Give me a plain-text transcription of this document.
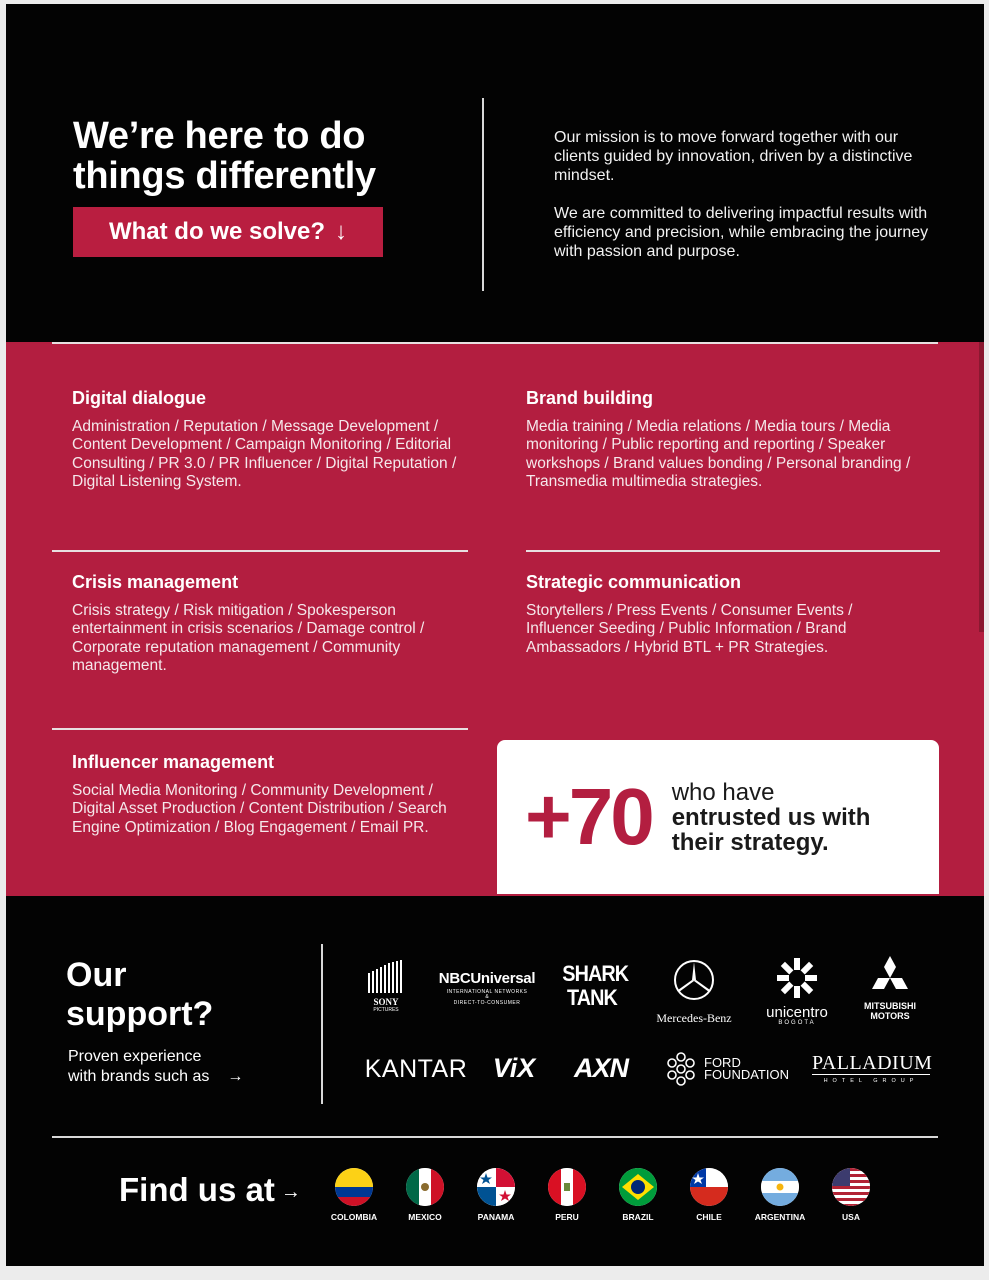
We’re here to do
things differently
What do we solve? ↓

Our mission is to move forward together with our clients guided by innovation, driven by a distinctive mindset.

We are committed to delivering impactful results with efficiency and precision, while embracing the journey with passion and purpose.

Digital dialogue

Administration / Reputation / Message Development / Content Development / Campaign Monitoring / Editorial Consulting / PR 3.0 / PR Influencer / Digital Reputation / Digital Listening System.

Brand building

Media training / Media relations / Media tours / Media monitoring / Public reporting and reporting / Speaker workshops / Brand values bonding / Personal branding / Transmedia multimedia strategies.

Crisis management

Crisis strategy / Risk mitigation / Spokesperson entertainment in crisis scenarios / Damage control / Corporate reputation management / Community management.

Strategic communication

Storytellers / Press Events / Consumer Events / Influencer Seeding / Public Information / Brand Ambassadors / Hybrid BTL + PR Strategies.

Influencer management

Social Media Monitoring / Community Development / Digital Asset Production / Content Distribution / Search Engine Optimization / Blog Engagement / Email PR.	+70 who have
entrusted us with
their strategy.
Our
support?
Proven experience
with brands such as →
SONY
PICTURES
NBCUniversal
INTERNATIONAL NETWORKS
&
DIRECT-TO-CONSUMER
SHARK
TANK
Mercedes-Benz	unicentro
BOGOTA
MITSUBISHI
MOTORS
KANTAR ViX	AXN	FORD
FOUNDATION
PALLADIUM
HOTEL GROUP
Find us at →
COLOMBIA	MEXICO	PANAMA	PERU	BRAZIL	CHILE	ARGENTINA	USA
